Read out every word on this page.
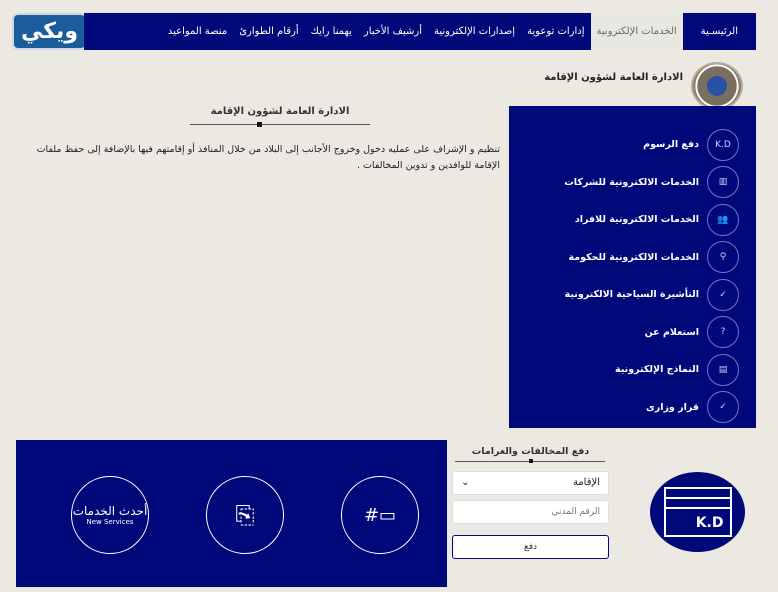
ويكي	الرئيسـية
الخدمات الإلكترونية
إدارات توعوية
إصدارات الإلكترونية
أرشيف الأخبار
يهمنا رايك
أرقام الطوارئ
منصة المواعيد
الادارة العامة لشؤون الإقامة
الادارة العامة لشؤون الإقامة
تنظيم و الإشراف على عمليه دخول وخروج الأجانب إلى البلاد من خلال المنافذ أو إقامتهم فيها بالإضافة إلى حفظ ملفات الإقامة للوافدين و تدوين المخالفات .
K.D
دفع الرسوم
▥
الخدمات الالكترونية للشركات
👥
الخدمات الالكترونية للافراد
⚲
الخدمات الالكترونية للحكومة
✓
التأشيرة السياحية الالكترونية
?
استعلام عن
▤
النماذج الإلكترونية
✓
قرار وزارى
أحدث الخدمات
New Services	⎘	#▭
دفع المخالفات والغرامات
الإقامة
⌄
الرقم المدني
دفع
K.D
